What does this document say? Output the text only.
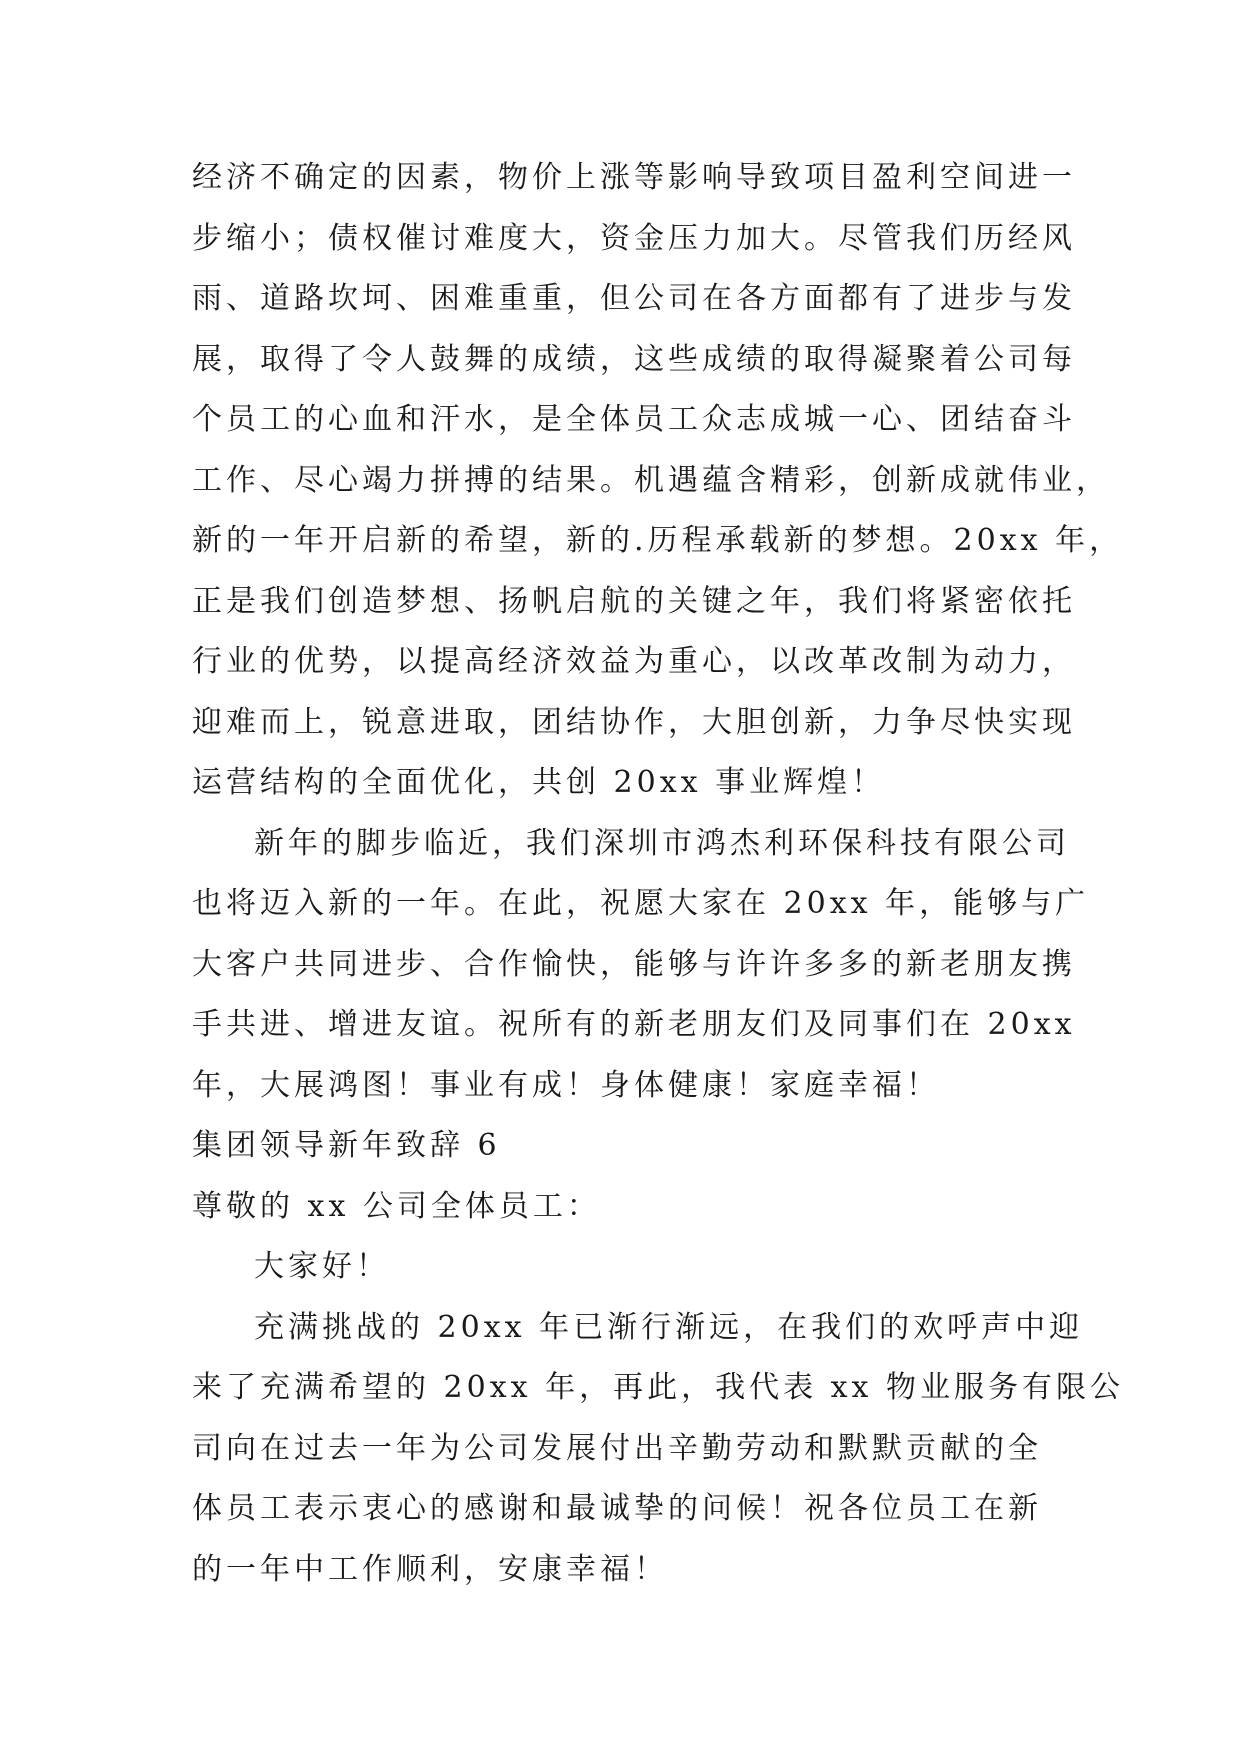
经济不确定的因素，物价上涨等影响导致项目盈利空间进一
步缩小；债权催讨难度大，资金压力加大。尽管我们历经风
雨、道路坎坷、困难重重，但公司在各方面都有了进步与发
展，取得了令人鼓舞的成绩，这些成绩的取得凝聚着公司每
个员工的心血和汗水，是全体员工众志成城一心、团结奋斗
工作、尽心竭力拼搏的结果。机遇蕴含精彩，创新成就伟业，
新的一年开启新的希望，新的.历程承载新的梦想。20xx 年，
正是我们创造梦想、扬帆启航的关键之年，我们将紧密依托
行业的优势，以提高经济效益为重心，以改革改制为动力，
迎难而上，锐意进取，团结协作，大胆创新，力争尽快实现
运营结构的全面优化，共创 20xx 事业辉煌！
新年的脚步临近，我们深圳市鸿杰利环保科技有限公司
也将迈入新的一年。在此，祝愿大家在 20xx 年，能够与广
大客户共同进步、合作愉快，能够与许许多多的新老朋友携
手共进、增进友谊。祝所有的新老朋友们及同事们在 20xx
年，大展鸿图！事业有成！身体健康！家庭幸福！
集团领导新年致辞 6
尊敬的 xx 公司全体员工：
大家好！
充满挑战的 20xx 年已渐行渐远，在我们的欢呼声中迎
来了充满希望的 20xx 年，再此，我代表 xx 物业服务有限公
司向在过去一年为公司发展付出辛勤劳动和默默贡献的全
体员工表示衷心的感谢和最诚挚的问候！祝各位员工在新
的一年中工作顺利，安康幸福！
